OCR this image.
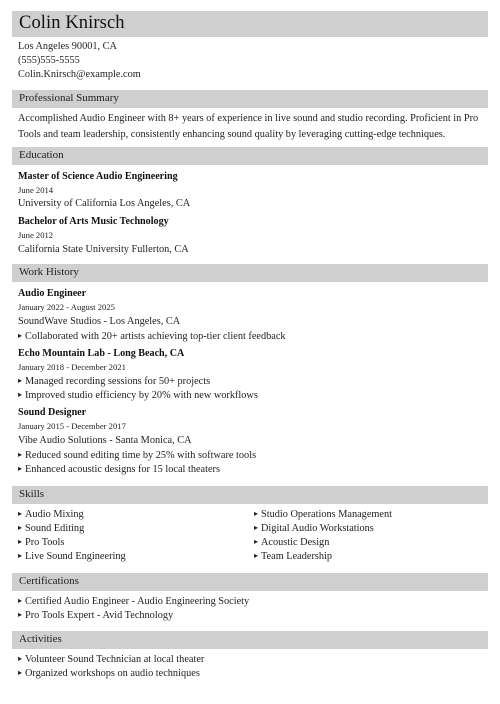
Colin Knirsch
Los Angeles 90001, CA
(555)555-5555
Colin.Knirsch@example.com
Professional Summary
Accomplished Audio Engineer with 8+ years of experience in live sound and studio recording. Proficient in Pro Tools and team leadership, consistently enhancing sound quality by leveraging cutting-edge techniques.
Education
Master of Science Audio Engineering
June 2014
University of California Los Angeles, CA
Bachelor of Arts Music Technology
June 2012
California State University Fullerton, CA
Work History
Audio Engineer
January 2022 - August 2025
SoundWave Studios - Los Angeles, CA
▸ Collaborated with 20+ artists achieving top-tier client feedback
Echo Mountain Lab - Long Beach, CA
January 2018 - December 2021
▸ Managed recording sessions for 50+ projects
▸ Improved studio efficiency by 20% with new workflows
Sound Designer
January 2015 - December 2017
Vibe Audio Solutions - Santa Monica, CA
▸ Reduced sound editing time by 25% with software tools
▸ Enhanced acoustic designs for 15 local theaters
Skills
▸ Audio Mixing
▸ Sound Editing
▸ Pro Tools
▸ Live Sound Engineering
▸ Studio Operations Management
▸ Digital Audio Workstations
▸ Acoustic Design
▸ Team Leadership
Certifications
▸ Certified Audio Engineer - Audio Engineering Society
▸ Pro Tools Expert - Avid Technology
Activities
▸ Volunteer Sound Technician at local theater
▸ Organized workshops on audio techniques
